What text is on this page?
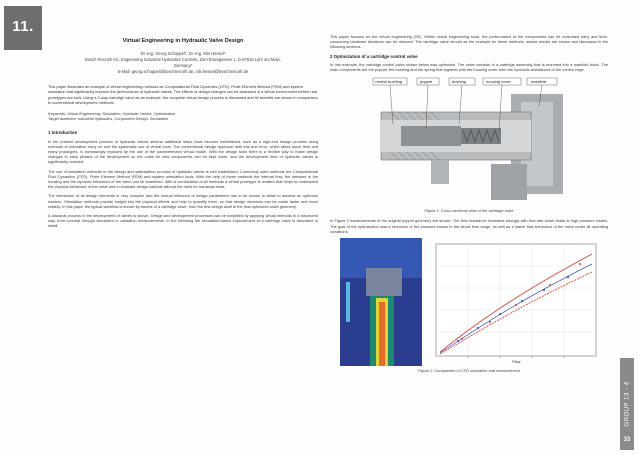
11.
Virtual Engineering in Hydraulic Valve Design
Dr.-Ing. Georg Schoppel*, Dr.-Ing. Nils Hessel*
Bosch Rexroth AG, Engineering Industrial Hydraulics Controls, Zum Eisengiesser 1, D-97816 Lohr am Main,
Germany*
E-Mail: georg.schoppel@boschrexroth.de, nils.hessel@boschrexroth.de
This paper illustrates an example of virtual engineering methods as Computational Fluid Dynamics (CFD), Finite Element Method (FEM) and system simulation that significantly improve the performance of hydraulic valves. The effects of design changes can be assessed in a virtual environment before real prototypes are built. Using a 2-way cartridge valve as an example, the complete virtual design process is discussed and its benefits are shown in comparison to conventional development methods.
Keywords: Virtual Engineering, Simulation, Hydraulic Valves, Optimization
Target audience: Industrial hydraulics, Component Design, Simulation
1 Introduction

In the present development process of hydraulic valves several additional steps have become established, such as a high-end design process using methods of simulation early on and the systematic use of virtual tools. The conventional design approach with trial and error, which takes much time and many prototypes, is increasingly replaced by the use of the parameterized virtual model. With the design tools there is a flexible way to make design changes in early phases of the development so the costs for new components can be kept lower, and the development time of hydraulic valves is significantly reduced.

The use of simulation methods in the design and optimization process of hydraulic valves is well established. Commonly used methods are Computational Fluid Dynamics (CFD), Finite Element Method (FEM) and system simulation tools. With the help of these methods the internal flow, the stresses in the housing and the dynamic behaviour of the valve can be examined. With a combination of all methods a virtual prototype is created that helps to understand the physical behaviour of the valve and to evaluate design variants without the need for hardware tests.

The interaction of all design elements is very complex and the mutual influence of design parameters has to be known in detail to achieve an optimum solution. Simulation methods provide insight into the physical effects and help to quantify them, so that design decisions can be made faster and more reliably. In this paper the typical workflow is shown by means of a cartridge valve, from the first design draft to the final optimized valve geometry.

A classical process in the development of valves is shown. Design and development processes can be simplified by applying virtual methods in a structured way, from concept through simulation to validation measurements. In the following the simulation-based improvement of a cartridge valve is described in detail.

This paper focuses on the virtual engineering (VE). Within virtual engineering tools, the performance of the components can be evaluated early and time-consuming hardware iterations can be reduced. The cartridge valve serves as the example for these methods, whose results are shown and discussed in the following sections.

2 Optimization of a cartridge control valve

In this example, the cartridge control valve shown below was optimized. The valve consists of a cartridge assembly that is mounted into a manifold block. The main components are the poppet, the bushing and the spring that together with the housing cover form the hydraulic resistances of the control edge.

control bushing	poppet	bushing	housing cover	manifold
Figure 1: Cross-sectional view of the cartridge valve

In Figure 2 measurements of the original poppet geometry are shown. The flow resistance increases strongly with flow rate which leads to high pressure losses. The goal of the optimization was a reduction of the pressure losses in the whole flow range, as well as a stable flow behaviour of the valve under all operating conditions.

Flow
Figure 2: Comparison of CFD simulation and measurement
GROUP 13 - 4
33
